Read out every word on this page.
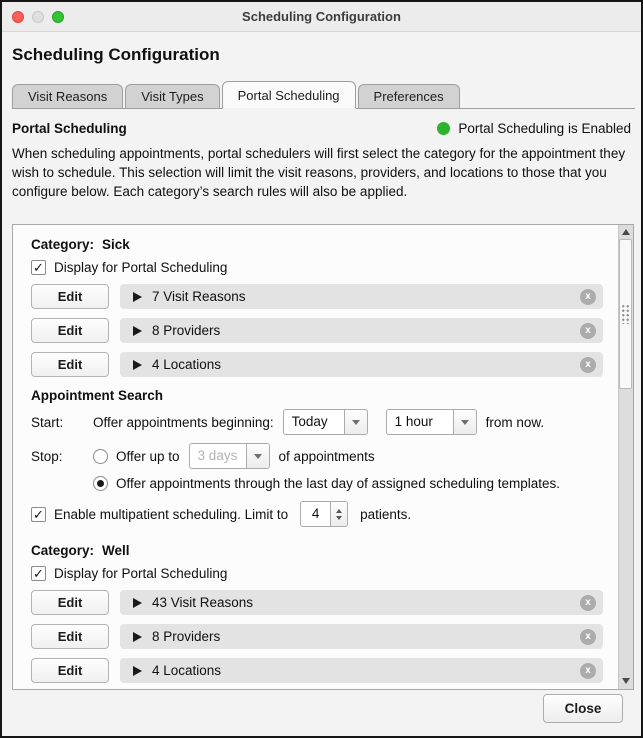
Scheduling Configuration
Scheduling Configuration
Visit Reasons	Visit Types	Portal Scheduling	Preferences
Portal Scheduling	Portal Scheduling is Enabled
When scheduling appointments, portal schedulers will first select the category for the appointment they wish to schedule. This selection will limit the visit reasons, providers, and locations to those that you configure below. Each category’s search rules will also be applied.
Category: Sick
✓
Display for Portal Scheduling
Edit	7 Visit Reasons	x
Edit	8 Providers	x
Edit	4 Locations	x
Appointment Search
Start:	Offer appointments beginning:	Today	1 hour	from now.
Stop:	Offer up to	3 days	of appointments
Offer appointments through the last day of assigned scheduling templates.
✓
Enable multipatient scheduling. Limit to	4	patients.
Category: Well
✓
Display for Portal Scheduling
Edit	43 Visit Reasons	x
Edit	8 Providers	x
Edit	4 Locations	x
Close
